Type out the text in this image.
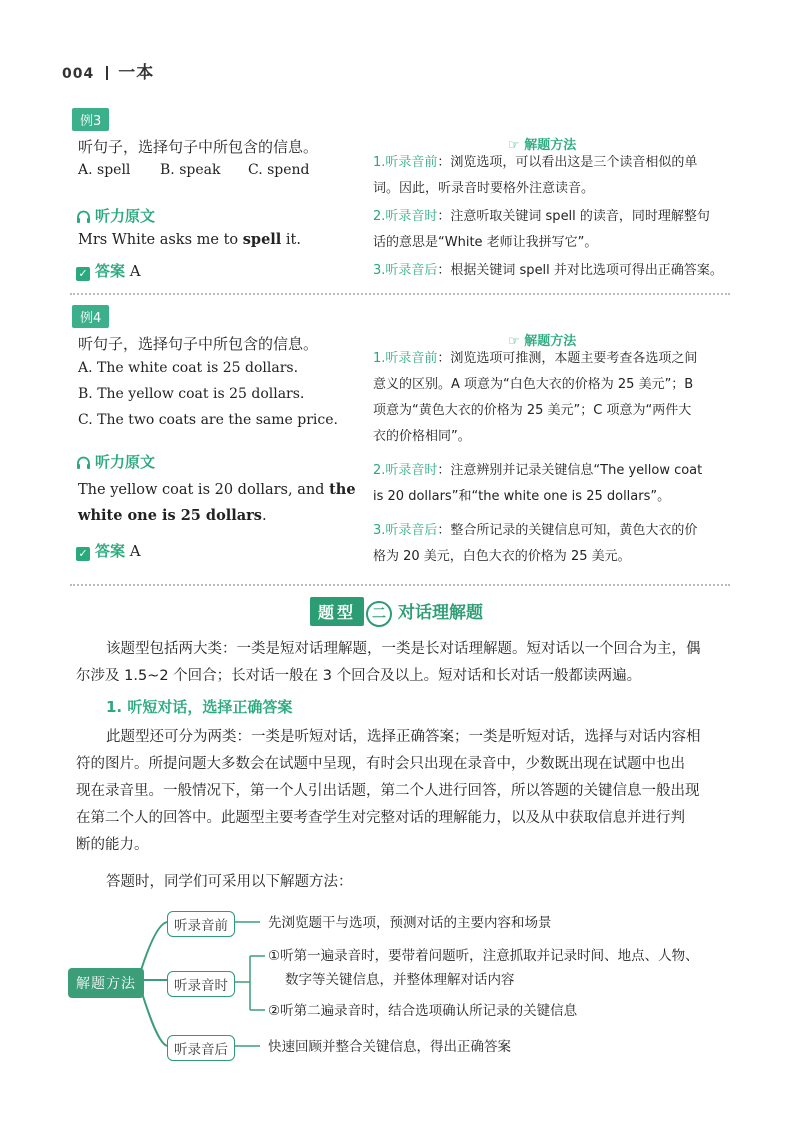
004 一本
例3
听句子，选择句子中所包含的信息。
A. spell B. speak C. spend
听力原文
Mrs White asks me to spell it.
✓ 答案 A
☞ 解题方法
1.听录音前：浏览选项，可以看出这是三个读音相似的单
词。因此，听录音时要格外注意读音。
2.听录音时：注意听取关键词 spell 的读音，同时理解整句
话的意思是“White 老师让我拼写它”。
3.听录音后：根据关键词 spell 并对比选项可得出正确答案。
例4
听句子，选择句子中所包含的信息。
A. The white coat is 25 dollars.
B. The yellow coat is 25 dollars.
C. The two coats are the same price.
听力原文
The yellow coat is 20 dollars, and the
white one is 25 dollars.
✓ 答案 A
☞ 解题方法
1.听录音前：浏览选项可推测，本题主要考查各选项之间
意义的区别。A 项意为“白色大衣的价格为 25 美元”；B
项意为“黄色大衣的价格为 25 美元”；C 项意为“两件大
衣的价格相同”。
2.听录音时：注意辨别并记录关键信息“The yellow coat
is 20 dollars”和“the white one is 25 dollars”。
3.听录音后：整合所记录的关键信息可知，黄色大衣的价
格为 20 美元，白色大衣的价格为 25 美元。
题型 二 对话理解题
该题型包括两大类：一类是短对话理解题，一类是长对话理解题。短对话以一个回合为主，偶
尔涉及 1.5~2 个回合；长对话一般在 3 个回合及以上。短对话和长对话一般都读两遍。
1. 听短对话，选择正确答案
此题型还可分为两类：一类是听短对话，选择正确答案；一类是听短对话，选择与对话内容相
符的图片。所提问题大多数会在试题中呈现，有时会只出现在录音中，少数既出现在试题中也出
现在录音里。一般情况下，第一个人引出话题，第二个人进行回答，所以答题的关键信息一般出现
在第二个人的回答中。此题型主要考查学生对完整对话的理解能力，以及从中获取信息并进行判
断的能力。
答题时，同学们可采用以下解题方法：
解题方法
听录音前
听录音时
听录音后
先浏览题干与选项，预测对话的主要内容和场景
①听第一遍录音时，要带着问题听，注意抓取并记录时间、地点、人物、
数字等关键信息，并整体理解对话内容
②听第二遍录音时，结合选项确认所记录的关键信息
快速回顾并整合关键信息，得出正确答案
